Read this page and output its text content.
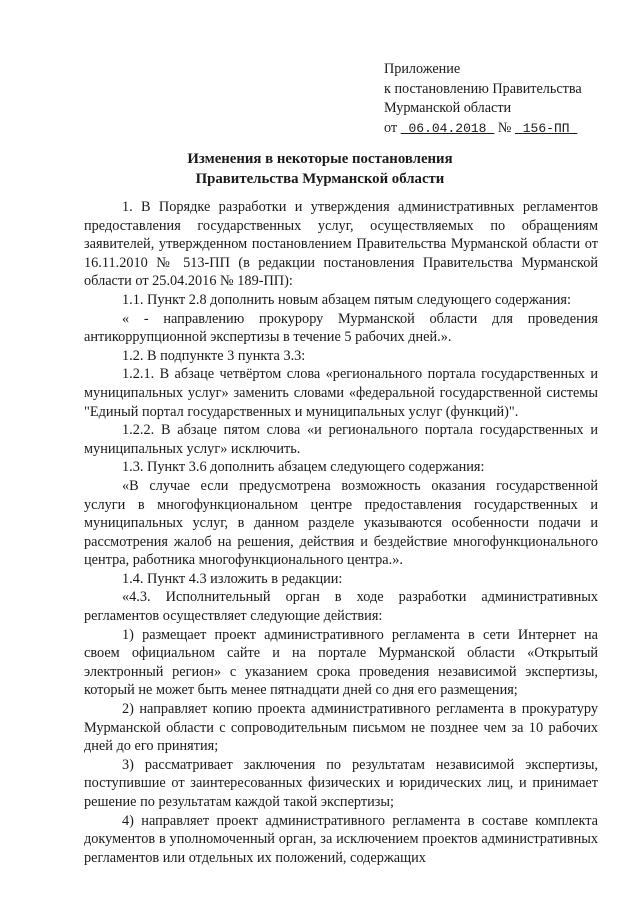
Приложение
к постановлению Правительства
Мурманской области
от 06.04.2018 № 156-ПП
Изменения в некоторые постановления
Правительства Мурманской области

1. В Порядке разработки и утверждения административных регламентов предоставления государственных услуг, осуществляемых по обращениям заявителей, утвержденном постановлением Правительства Мурманской области от 16.11.2010 № 513-ПП (в редакции постановления Правительства Мурманской области от 25.04.2016 № 189-ПП):

1.1. Пункт 2.8 дополнить новым абзацем пятым следующего содержания:

« - направлению прокурору Мурманской области для проведения антикоррупционной экспертизы в течение 5 рабочих дней.».

1.2. В подпункте 3 пункта 3.3:

1.2.1. В абзаце четвёртом слова «регионального портала государственных и муниципальных услуг» заменить словами «федеральной государственной системы "Единый портал государственных и муниципальных услуг (функций)".

1.2.2. В абзаце пятом слова «и регионального портала государственных и муниципальных услуг» исключить.

1.3. Пункт 3.6 дополнить абзацем следующего содержания:

«В случае если предусмотрена возможность оказания государственной услуги в многофункциональном центре предоставления государственных и муниципальных услуг, в данном разделе указываются особенности подачи и рассмотрения жалоб на решения, действия и бездействие многофункционального центра, работника многофункционального центра.».

1.4. Пункт 4.3 изложить в редакции:

«4.3. Исполнительный орган в ходе разработки административных регламентов осуществляет следующие действия:

1) размещает проект административного регламента в сети Интернет на своем официальном сайте и на портале Мурманской области «Открытый электронный регион» с указанием срока проведения независимой экспертизы, который не может быть менее пятнадцати дней со дня его размещения;

2) направляет копию проекта административного регламента в прокуратуру Мурманской области с сопроводительным письмом не позднее чем за 10 рабочих дней до его принятия;

3) рассматривает заключения по результатам независимой экспертизы, поступившие от заинтересованных физических и юридических лиц, и принимает решение по результатам каждой такой экспертизы;

4) направляет проект административного регламента в составе комплекта документов в уполномоченный орган, за исключением проектов административных регламентов или отдельных их положений, содержащих
